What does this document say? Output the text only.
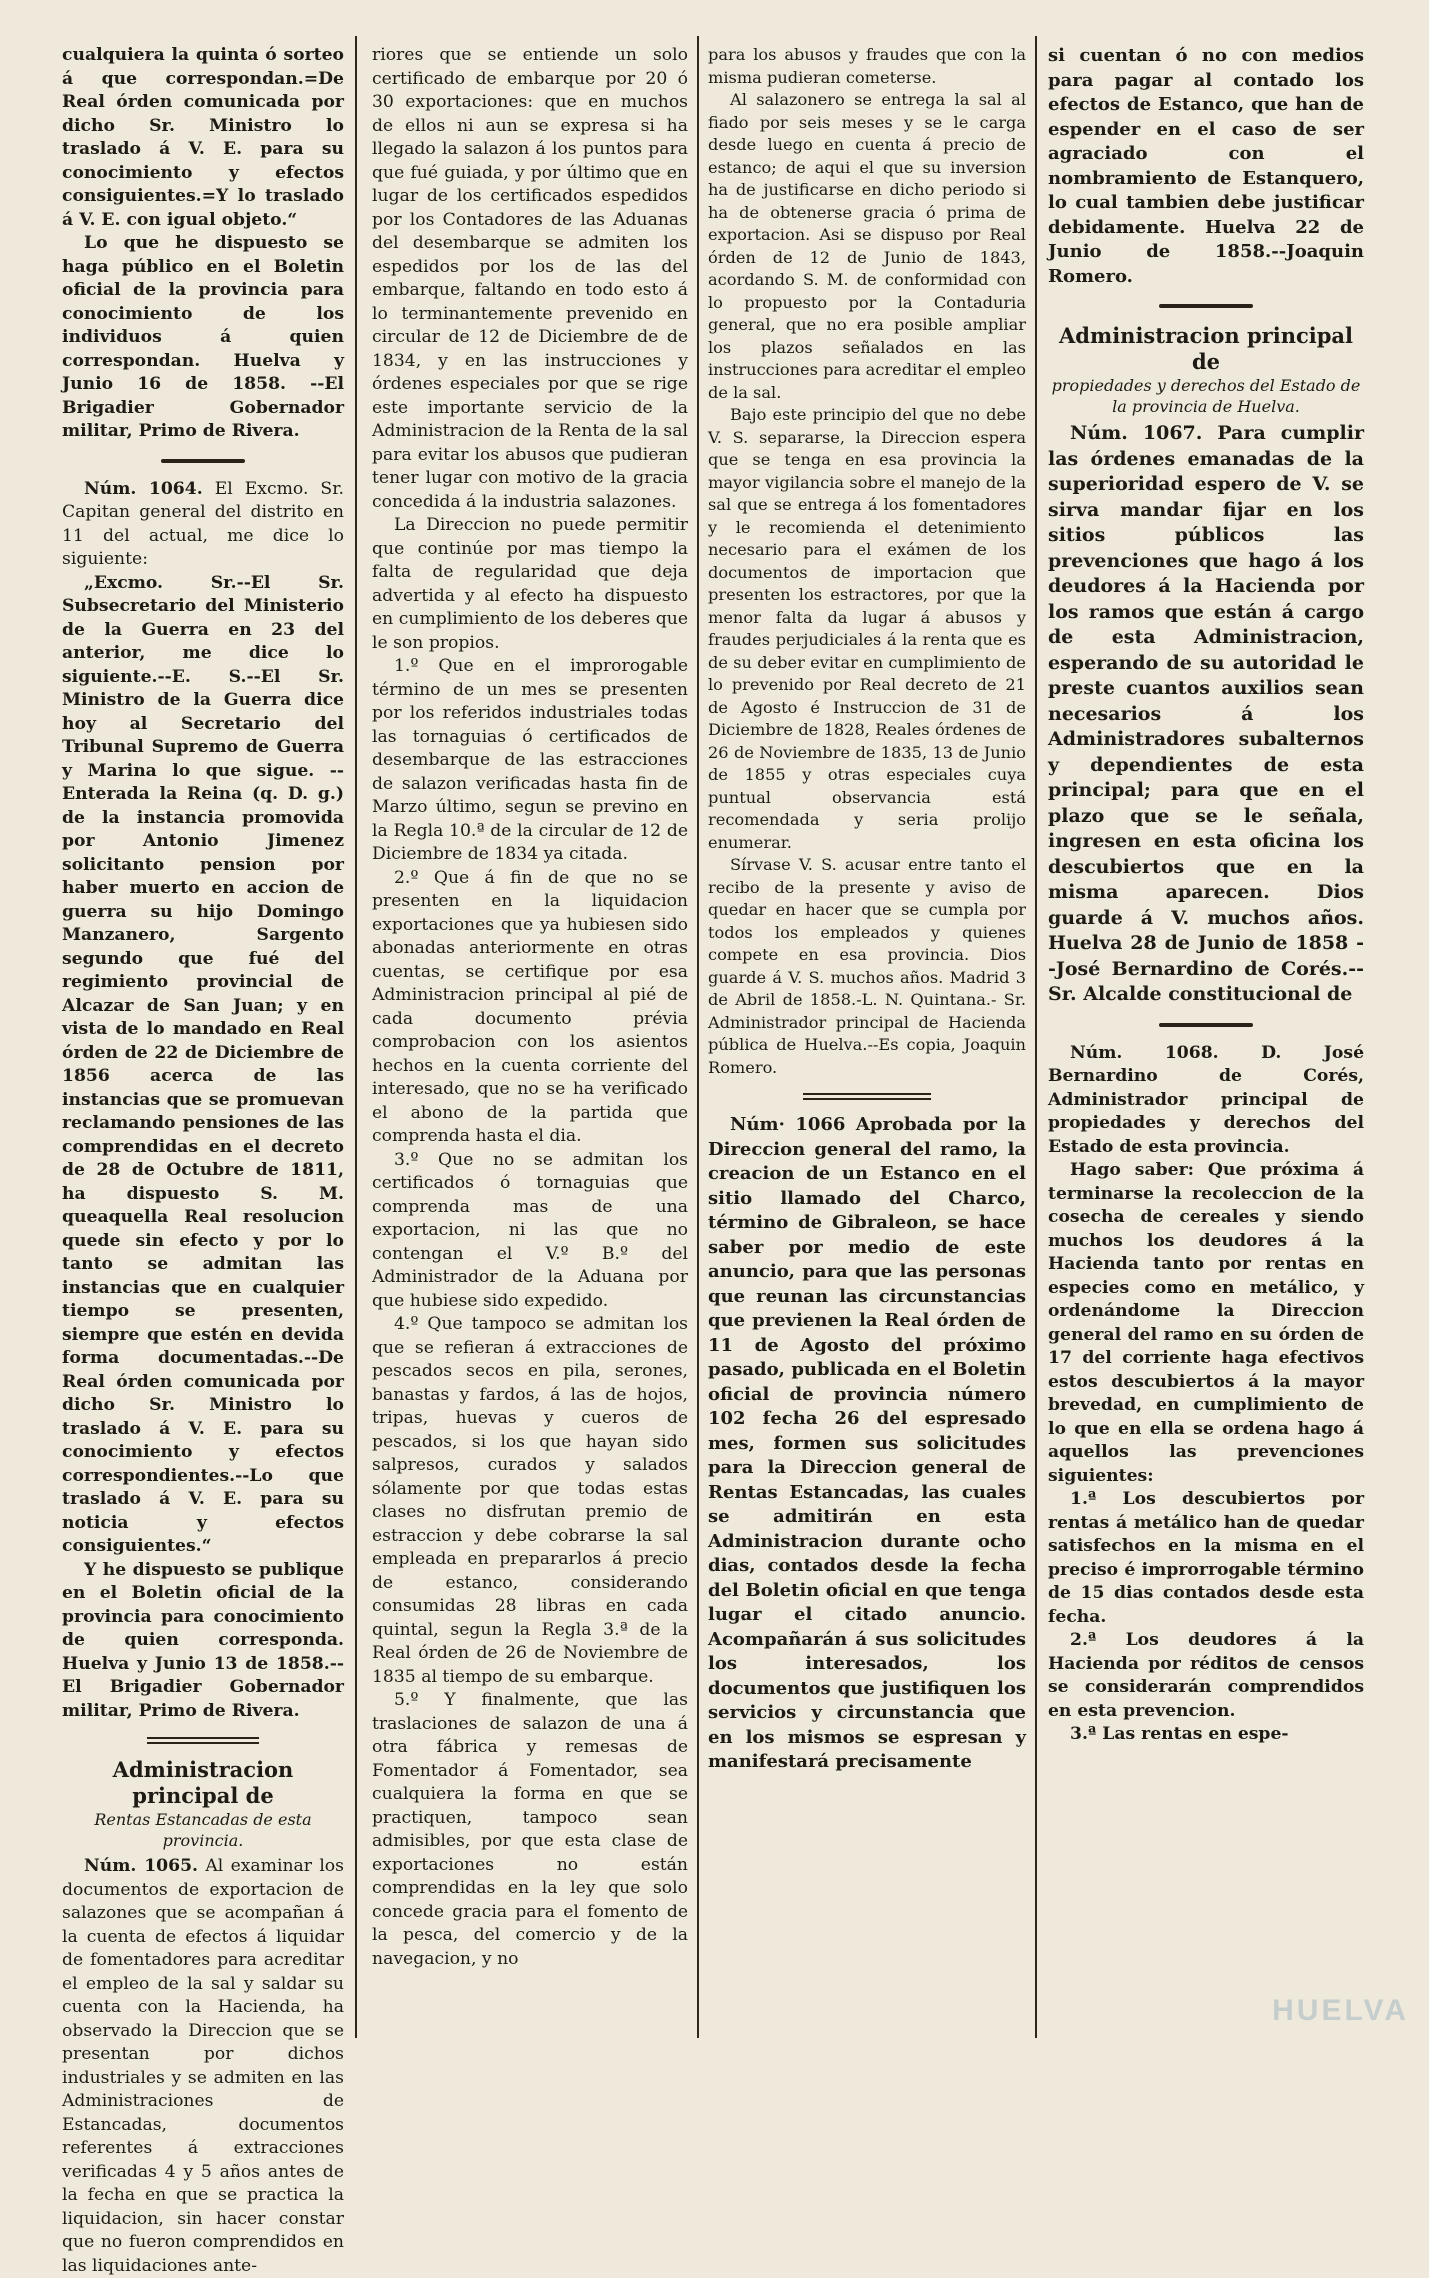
cualquiera la quinta ó sorteo á que correspondan.=De Real órden comunicada por dicho Sr. Ministro lo traslado á V. E. para su conocimiento y efectos consiguientes.=Y lo traslado á V. E. con igual objeto.“

Lo que he dispuesto se haga público en el Boletin oficial de la provincia para conocimiento de los individuos á quien correspondan. Huelva y Junio 16 de 1858. --El Brigadier Gobernador militar, Primo de Rivera.

Núm. 1064. El Excmo. Sr. Capitan general del distrito en 11 del actual, me dice lo siguiente:

„Excmo. Sr.--El Sr. Subsecretario del Ministerio de la Guerra en 23 del anterior, me dice lo siguiente.--E. S.--El Sr. Ministro de la Guerra dice hoy al Secretario del Tribunal Supremo de Guerra y Marina lo que sigue. --Enterada la Reina (q. D. g.) de la instancia promovida por Antonio Jimenez solicitanto pension por haber muerto en accion de guerra su hijo Domingo Manzanero, Sargento segundo que fué del regimiento provincial de Alcazar de San Juan; y en vista de lo mandado en Real órden de 22 de Diciembre de 1856 acerca de las instancias que se promuevan reclamando pensiones de las comprendidas en el decreto de 28 de Octubre de 1811, ha dispuesto S. M. queaquella Real resolucion quede sin efecto y por lo tanto se admitan las instancias que en cualquier tiempo se presenten, siempre que estén en devida forma documentadas.--De Real órden comunicada por dicho Sr. Ministro lo traslado á V. E. para su conocimiento y efectos correspondientes.--Lo que traslado á V. E. para su noticia y efectos consiguientes.“

Y he dispuesto se publique en el Boletin oficial de la provincia para conocimiento de quien corresponda. Huelva y Junio 13 de 1858.--El Brigadier Gobernador militar, Primo de Rivera.

Administracion principal de
Rentas Estancadas de esta provincia.

Núm. 1065. Al examinar los documentos de exportacion de salazones que se acompañan á la cuenta de efectos á liquidar de fomentadores para acreditar el empleo de la sal y saldar su cuenta con la Hacienda, ha observado la Direccion que se presentan por dichos industriales y se admiten en las Administraciones de Estancadas, documentos referentes á extracciones verificadas 4 y 5 años antes de la fecha en que se practica la liquidacion, sin hacer constar que no fueron comprendidos en las liquidaciones ante-

riores que se entiende un solo certificado de embarque por 20 ó 30 exportaciones: que en muchos de ellos ni aun se expresa si ha llegado la salazon á los puntos para que fué guiada, y por último que en lugar de los certificados espedidos por los Contadores de las Aduanas del desembarque se admiten los espedidos por los de las del embarque, faltando en todo esto á lo terminantemente prevenido en circular de 12 de Diciembre de de 1834, y en las instrucciones y órdenes especiales por que se rige este importante servicio de la Administracion de la Renta de la sal para evitar los abusos que pudieran tener lugar con motivo de la gracia concedida á la industria salazones.

La Direccion no puede permitir que continúe por mas tiempo la falta de regularidad que deja advertida y al efecto ha dispuesto en cumplimiento de los deberes que le son propios.

1.º Que en el improrogable término de un mes se presenten por los referidos industriales todas las tornaguias ó certificados de desembarque de las estracciones de salazon verificadas hasta fin de Marzo último, segun se previno en la Regla 10.ª de la circular de 12 de Diciembre de 1834 ya citada.

2.º Que á fin de que no se presenten en la liquidacion exportaciones que ya hubiesen sido abonadas anteriormente en otras cuentas, se certifique por esa Administracion principal al pié de cada documento prévia comprobacion con los asientos hechos en la cuenta corriente del interesado, que no se ha verificado el abono de la partida que comprenda hasta el dia.

3.º Que no se admitan los certificados ó tornaguias que comprenda mas de una exportacion, ni las que no contengan el V.º B.º del Administrador de la Aduana por que hubiese sido expedido.

4.º Que tampoco se admitan los que se refieran á extracciones de pescados secos en pila, serones, banastas y fardos, á las de hojos, tripas, huevas y cueros de pescados, si los que hayan sido salpresos, curados y salados sólamente por que todas estas clases no disfrutan premio de estraccion y debe cobrarse la sal empleada en prepararlos á precio de estanco, considerando consumidas 28 libras en cada quintal, segun la Regla 3.ª de la Real órden de 26 de Noviembre de 1835 al tiempo de su embarque.

5.º Y finalmente, que las traslaciones de salazon de una á otra fábrica y remesas de Fomentador á Fomentador, sea cualquiera la forma en que se practiquen, tampoco sean admisibles, por que esta clase de exportaciones no están comprendidas en la ley que solo concede gracia para el fomento de la pesca, del comercio y de la navegacion, y no

para los abusos y fraudes que con la misma pudieran cometerse.

Al salazonero se entrega la sal al fiado por seis meses y se le carga desde luego en cuenta á precio de estanco; de aqui el que su inversion ha de justificarse en dicho periodo si ha de obtenerse gracia ó prima de exportacion. Asi se dispuso por Real órden de 12 de Junio de 1843, acordando S. M. de conformidad con lo propuesto por la Contaduria general, que no era posible ampliar los plazos señalados en las instrucciones para acreditar el empleo de la sal.

Bajo este principio del que no debe V. S. separarse, la Direccion espera que se tenga en esa provincia la mayor vigilancia sobre el manejo de la sal que se entrega á los fomentadores y le recomienda el detenimiento necesario para el exámen de los documentos de importacion que presenten los estractores, por que la menor falta da lugar á abusos y fraudes perjudiciales á la renta que es de su deber evitar en cumplimiento de lo prevenido por Real decreto de 21 de Agosto é Instruccion de 31 de Diciembre de 1828, Reales órdenes de 26 de Noviembre de 1835, 13 de Junio de 1855 y otras especiales cuya puntual observancia está recomendada y seria prolijo enumerar.

Sírvase V. S. acusar entre tanto el recibo de la presente y aviso de quedar en hacer que se cumpla por todos los empleados y quienes compete en esa provincia. Dios guarde á V. S. muchos años. Madrid 3 de Abril de 1858.-L. N. Quintana.- Sr. Administrador principal de Hacienda pública de Huelva.--Es copia, Joaquin Romero.

Núm· 1066 Aprobada por la Direccion general del ramo, la creacion de un Estanco en el sitio llamado del Charco, término de Gibraleon, se hace saber por medio de este anuncio, para que las personas que reunan las circunstancias que previenen la Real órden de 11 de Agosto del próximo pasado, publicada en el Boletin oficial de provincia número 102 fecha 26 del espresado mes, formen sus solicitudes para la Direccion general de Rentas Estancadas, las cuales se admitirán en esta Administracion durante ocho dias, contados desde la fecha del Boletin oficial en que tenga lugar el citado anuncio. Acompañarán á sus solicitudes los interesados, los documentos que justifiquen los servicios y circunstancia que en los mismos se espresan y manifestará precisamente

si cuentan ó no con medios para pagar al contado los efectos de Estanco, que han de espender en el caso de ser agraciado con el nombramiento de Estanquero, lo cual tambien debe justificar debidamente. Huelva 22 de Junio de 1858.--Joaquin Romero.

Administracion principal de
propiedades y derechos del Estado de la provincia de Huelva.

Núm. 1067. Para cumplir las órdenes emanadas de la superioridad espero de V. se sirva mandar fijar en los sitios públicos las prevenciones que hago á los deudores á la Hacienda por los ramos que están á cargo de esta Administracion, esperando de su autoridad le preste cuantos auxilios sean necesarios á los Administradores subalternos y dependientes de esta principal; para que en el plazo que se le señala, ingresen en esta oficina los descubiertos que en la misma aparecen. Dios guarde á V. muchos años. Huelva 28 de Junio de 1858 --José Bernardino de Corés.--Sr. Alcalde constitucional de

Núm. 1068. D. José Bernardino de Corés, Administrador principal de propiedades y derechos del Estado de esta provincia.

Hago saber: Que próxima á terminarse la recoleccion de la cosecha de cereales y siendo muchos los deudores á la Hacienda tanto por rentas en especies como en metálico, y ordenándome la Direccion general del ramo en su órden de 17 del corriente haga efectivos estos descubiertos á la mayor brevedad, en cumplimiento de lo que en ella se ordena hago á aquellos las prevenciones siguientes:

1.ª Los descubiertos por rentas á metálico han de quedar satisfechos en la misma en el preciso é improrrogable término de 15 dias contados desde esta fecha.

2.ª Los deudores á la Hacienda por réditos de censos se considerarán comprendidos en esta prevencion.

3.ª Las rentas en espe-

HUELVA
